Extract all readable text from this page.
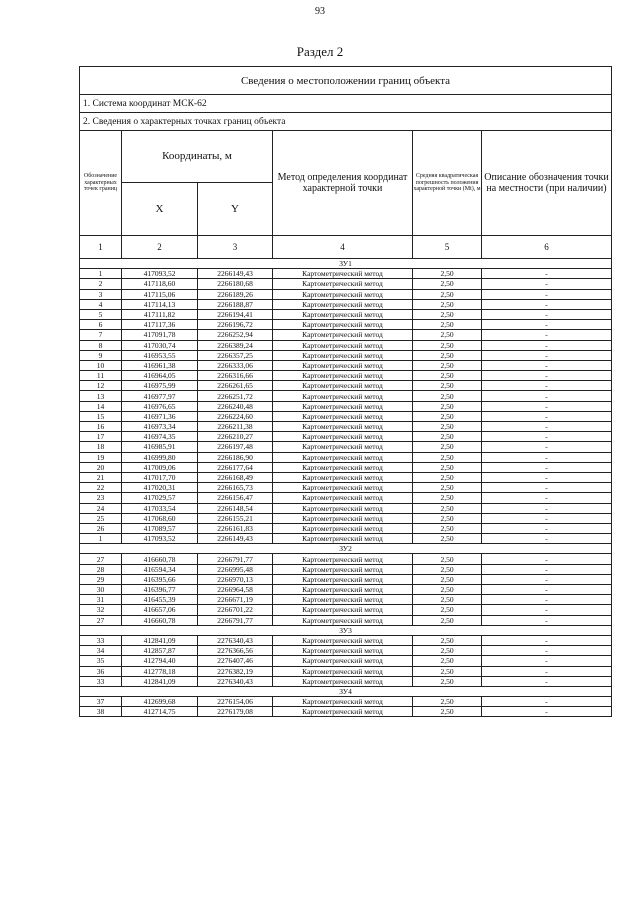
93
Раздел 2
Сведения о местоположении границ объекта					
1. Система координат МСК-62					
2. Сведения о характерных точках границ объекта					
Обозначение характерных точек границ	Координаты, м		Метод определения координат характерной точки	Средняя квадратическая погрешность положения характерной точки (Mt), м	Описание обозначения точки на местности (при наличии)
	X	Y			
1	2	3	4	5	6
ЗУ1					
1	417093,52	2266149,43	Картометрический метод	2,50	-
2	417118,60	2266180,68	Картометрический метод	2,50	-
3	417115,06	2266189,26	Картометрический метод	2,50	-
4	417114,13	2266188,87	Картометрический метод	2,50	-
5	417111,82	2266194,41	Картометрический метод	2,50	-
6	417117,36	2266196,72	Картометрический метод	2,50	-
7	417091,78	2266252,94	Картометрический метод	2,50	-
8	417030,74	2266389,24	Картометрический метод	2,50	-
9	416953,55	2266357,25	Картометрический метод	2,50	-
10	416961,38	2266333,06	Картометрический метод	2,50	-
11	416964,05	2266316,66	Картометрический метод	2,50	-
12	416975,99	2266261,65	Картометрический метод	2,50	-
13	416977,97	2266251,72	Картометрический метод	2,50	-
14	416976,65	2266240,48	Картометрический метод	2,50	-
15	416971,36	2266224,60	Картометрический метод	2,50	-
16	416973,34	2266211,38	Картометрический метод	2,50	-
17	416974,35	2266210,27	Картометрический метод	2,50	-
18	416985,91	2266197,48	Картометрический метод	2,50	-
19	416999,80	2266186,90	Картометрический метод	2,50	-
20	417009,06	2266177,64	Картометрический метод	2,50	-
21	417017,70	2266168,49	Картометрический метод	2,50	-
22	417020,31	2266165,73	Картометрический метод	2,50	-
23	417029,57	2266156,47	Картометрический метод	2,50	-
24	417033,54	2266148,54	Картометрический метод	2,50	-
25	417068,60	2266155,21	Картометрический метод	2,50	-
26	417089,57	2266161,83	Картометрический метод	2,50	-
1	417093,52	2266149,43	Картометрический метод	2,50	-
ЗУ2					
27	416660,78	2266791,77	Картометрический метод	2,50	-
28	416594,34	2266995,48	Картометрический метод	2,50	-
29	416395,66	2266970,13	Картометрический метод	2,50	-
30	416396,77	2266964,58	Картометрический метод	2,50	-
31	416455,39	2266671,19	Картометрический метод	2,50	-
32	416657,06	2266701,22	Картометрический метод	2,50	-
27	416660,78	2266791,77	Картометрический метод	2,50	-
ЗУ3					
33	412841,09	2276340,43	Картометрический метод	2,50	-
34	412857,87	2276366,56	Картометрический метод	2,50	-
35	412794,40	2276407,46	Картометрический метод	2,50	-
36	412778,18	2276382,19	Картометрический метод	2,50	-
33	412841,09	2276340,43	Картометрический метод	2,50	-
ЗУ4					
37	412699,68	2276154,06	Картометрический метод	2,50	-
38	412714,75	2276179,08	Картометрический метод	2,50	-
